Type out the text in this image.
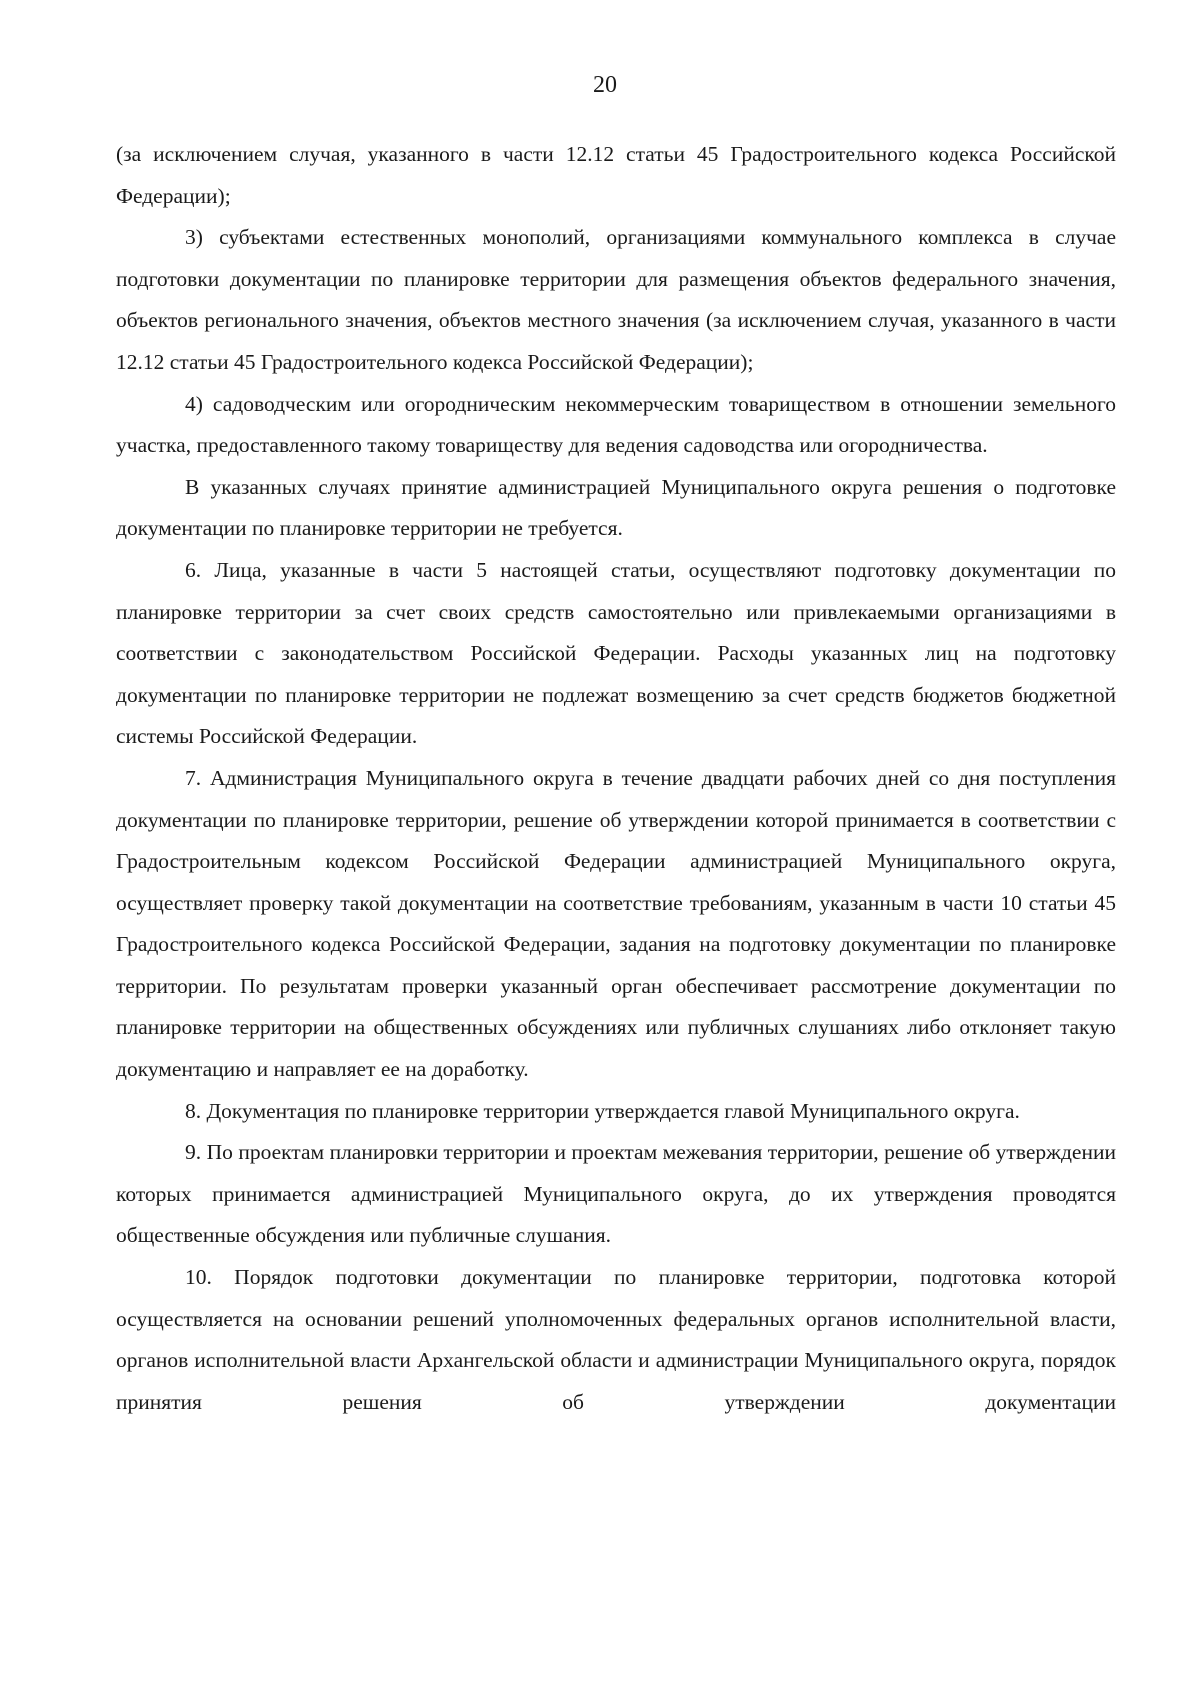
20

(за исключением случая, указанного в части 12.12 статьи 45 Градостроительного кодекса Российской Федерации);

3) субъектами естественных монополий, организациями коммунального комплекса в случае подготовки документации по планировке территории для размещения объектов федерального значения, объектов регионального значения, объектов местного значения (за исключением случая, указанного в части 12.12 статьи 45 Градостроительного кодекса Российской Федерации);

4) садоводческим или огородническим некоммерческим товариществом в отношении земельного участка, предоставленного такому товариществу для ведения садоводства или огородничества.

В указанных случаях принятие администрацией Муниципального округа решения о подготовке документации по планировке территории не требуется.

6. Лица, указанные в части 5 настоящей статьи, осуществляют подготовку документации по планировке территории за счет своих средств самостоятельно или привлекаемыми организациями в соответствии с законодательством Российской Федерации. Расходы указанных лиц на подготовку документации по планировке территории не подлежат возмещению за счет средств бюджетов бюджетной системы Российской Федерации.

7. Администрация Муниципального округа в течение двадцати рабочих дней со дня поступления документации по планировке территории, решение об утверждении которой принимается в соответствии с Градостроительным кодексом Российской Федерации администрацией Муниципального округа, осуществляет проверку такой документации на соответствие требованиям, указанным в части 10 статьи 45 Градостроительного кодекса Российской Федерации, задания на подготовку документации по планировке территории. По результатам проверки указанный орган обеспечивает рассмотрение документации по планировке территории на общественных обсуждениях или публичных слушаниях либо отклоняет такую документацию и направляет ее на доработку.

8. Документация по планировке территории утверждается главой Муниципального округа.

9. По проектам планировки территории и проектам межевания территории, решение об утверждении которых принимается администрацией Муниципального округа, до их утверждения проводятся общественные обсуждения или публичные слушания.

10. Порядок подготовки документации по планировке территории, подготовка которой осуществляется на основании решений уполномоченных федеральных органов исполнительной власти, органов исполнительной власти Архангельской области и администрации Муниципального округа, порядок принятия решения об утверждении документации
